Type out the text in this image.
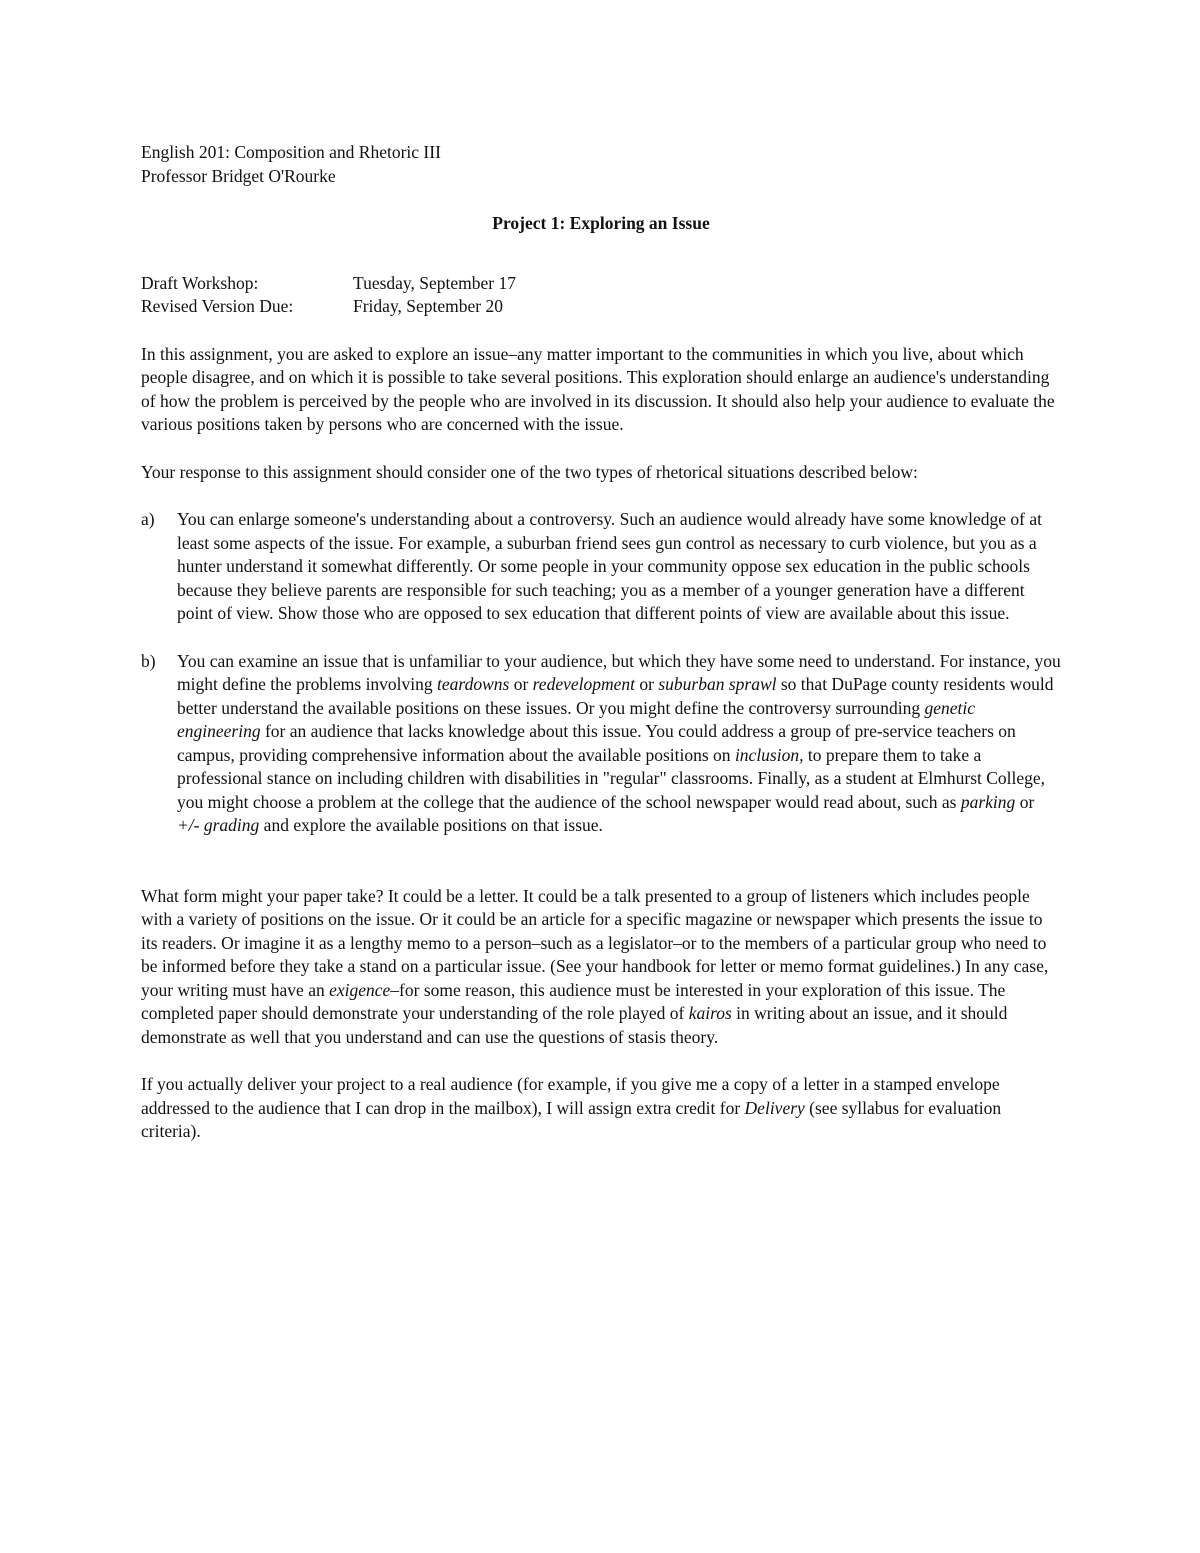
English 201: Composition and Rhetoric III

Professor Bridget O'Rourke

Project 1: Exploring an Issue

Draft Workshop:	Tuesday, September 17
Revised Version Due:	Friday, September 20

In this assignment, you are asked to explore an issue–any matter important to the communities in which you live, about which people disagree, and on which it is possible to take several positions. This exploration should enlarge an audience's understanding of how the problem is perceived by the people who are involved in its discussion. It should also help your audience to evaluate the various positions taken by persons who are concerned with the issue.

Your response to this assignment should consider one of the two types of rhetorical situations described below:

a)	You can enlarge someone's understanding about a controversy. Such an audience would already have some knowledge of at least some aspects of the issue. For example, a suburban friend sees gun control as necessary to curb violence, but you as a hunter understand it somewhat differently. Or some people in your community oppose sex education in the public schools because they believe parents are responsible for such teaching; you as a member of a younger generation have a different point of view. Show those who are opposed to sex education that different points of view are available about this issue.

b)	You can examine an issue that is unfamiliar to your audience, but which they have some need to understand. For instance, you might define the problems involving teardowns or redevelopment or suburban sprawl so that DuPage county residents would better understand the available positions on these issues. Or you might define the controversy surrounding genetic engineering for an audience that lacks knowledge about this issue. You could address a group of pre-service teachers on campus, providing comprehensive information about the available positions on inclusion, to prepare them to take a professional stance on including children with disabilities in "regular" classrooms. Finally, as a student at Elmhurst College, you might choose a problem at the college that the audience of the school newspaper would read about, such as parking or +/- grading and explore the available positions on that issue.

What form might your paper take? It could be a letter. It could be a talk presented to a group of listeners which includes people with a variety of positions on the issue. Or it could be an article for a specific magazine or newspaper which presents the issue to its readers. Or imagine it as a lengthy memo to a person–such as a legislator–or to the members of a particular group who need to be informed before they take a stand on a particular issue. (See your handbook for letter or memo format guidelines.) In any case, your writing must have an exigence–for some reason, this audience must be interested in your exploration of this issue. The completed paper should demonstrate your understanding of the role played of kairos in writing about an issue, and it should demonstrate as well that you understand and can use the questions of stasis theory.

If you actually deliver your project to a real audience (for example, if you give me a copy of a letter in a stamped envelope addressed to the audience that I can drop in the mailbox), I will assign extra credit for Delivery (see syllabus for evaluation criteria).
